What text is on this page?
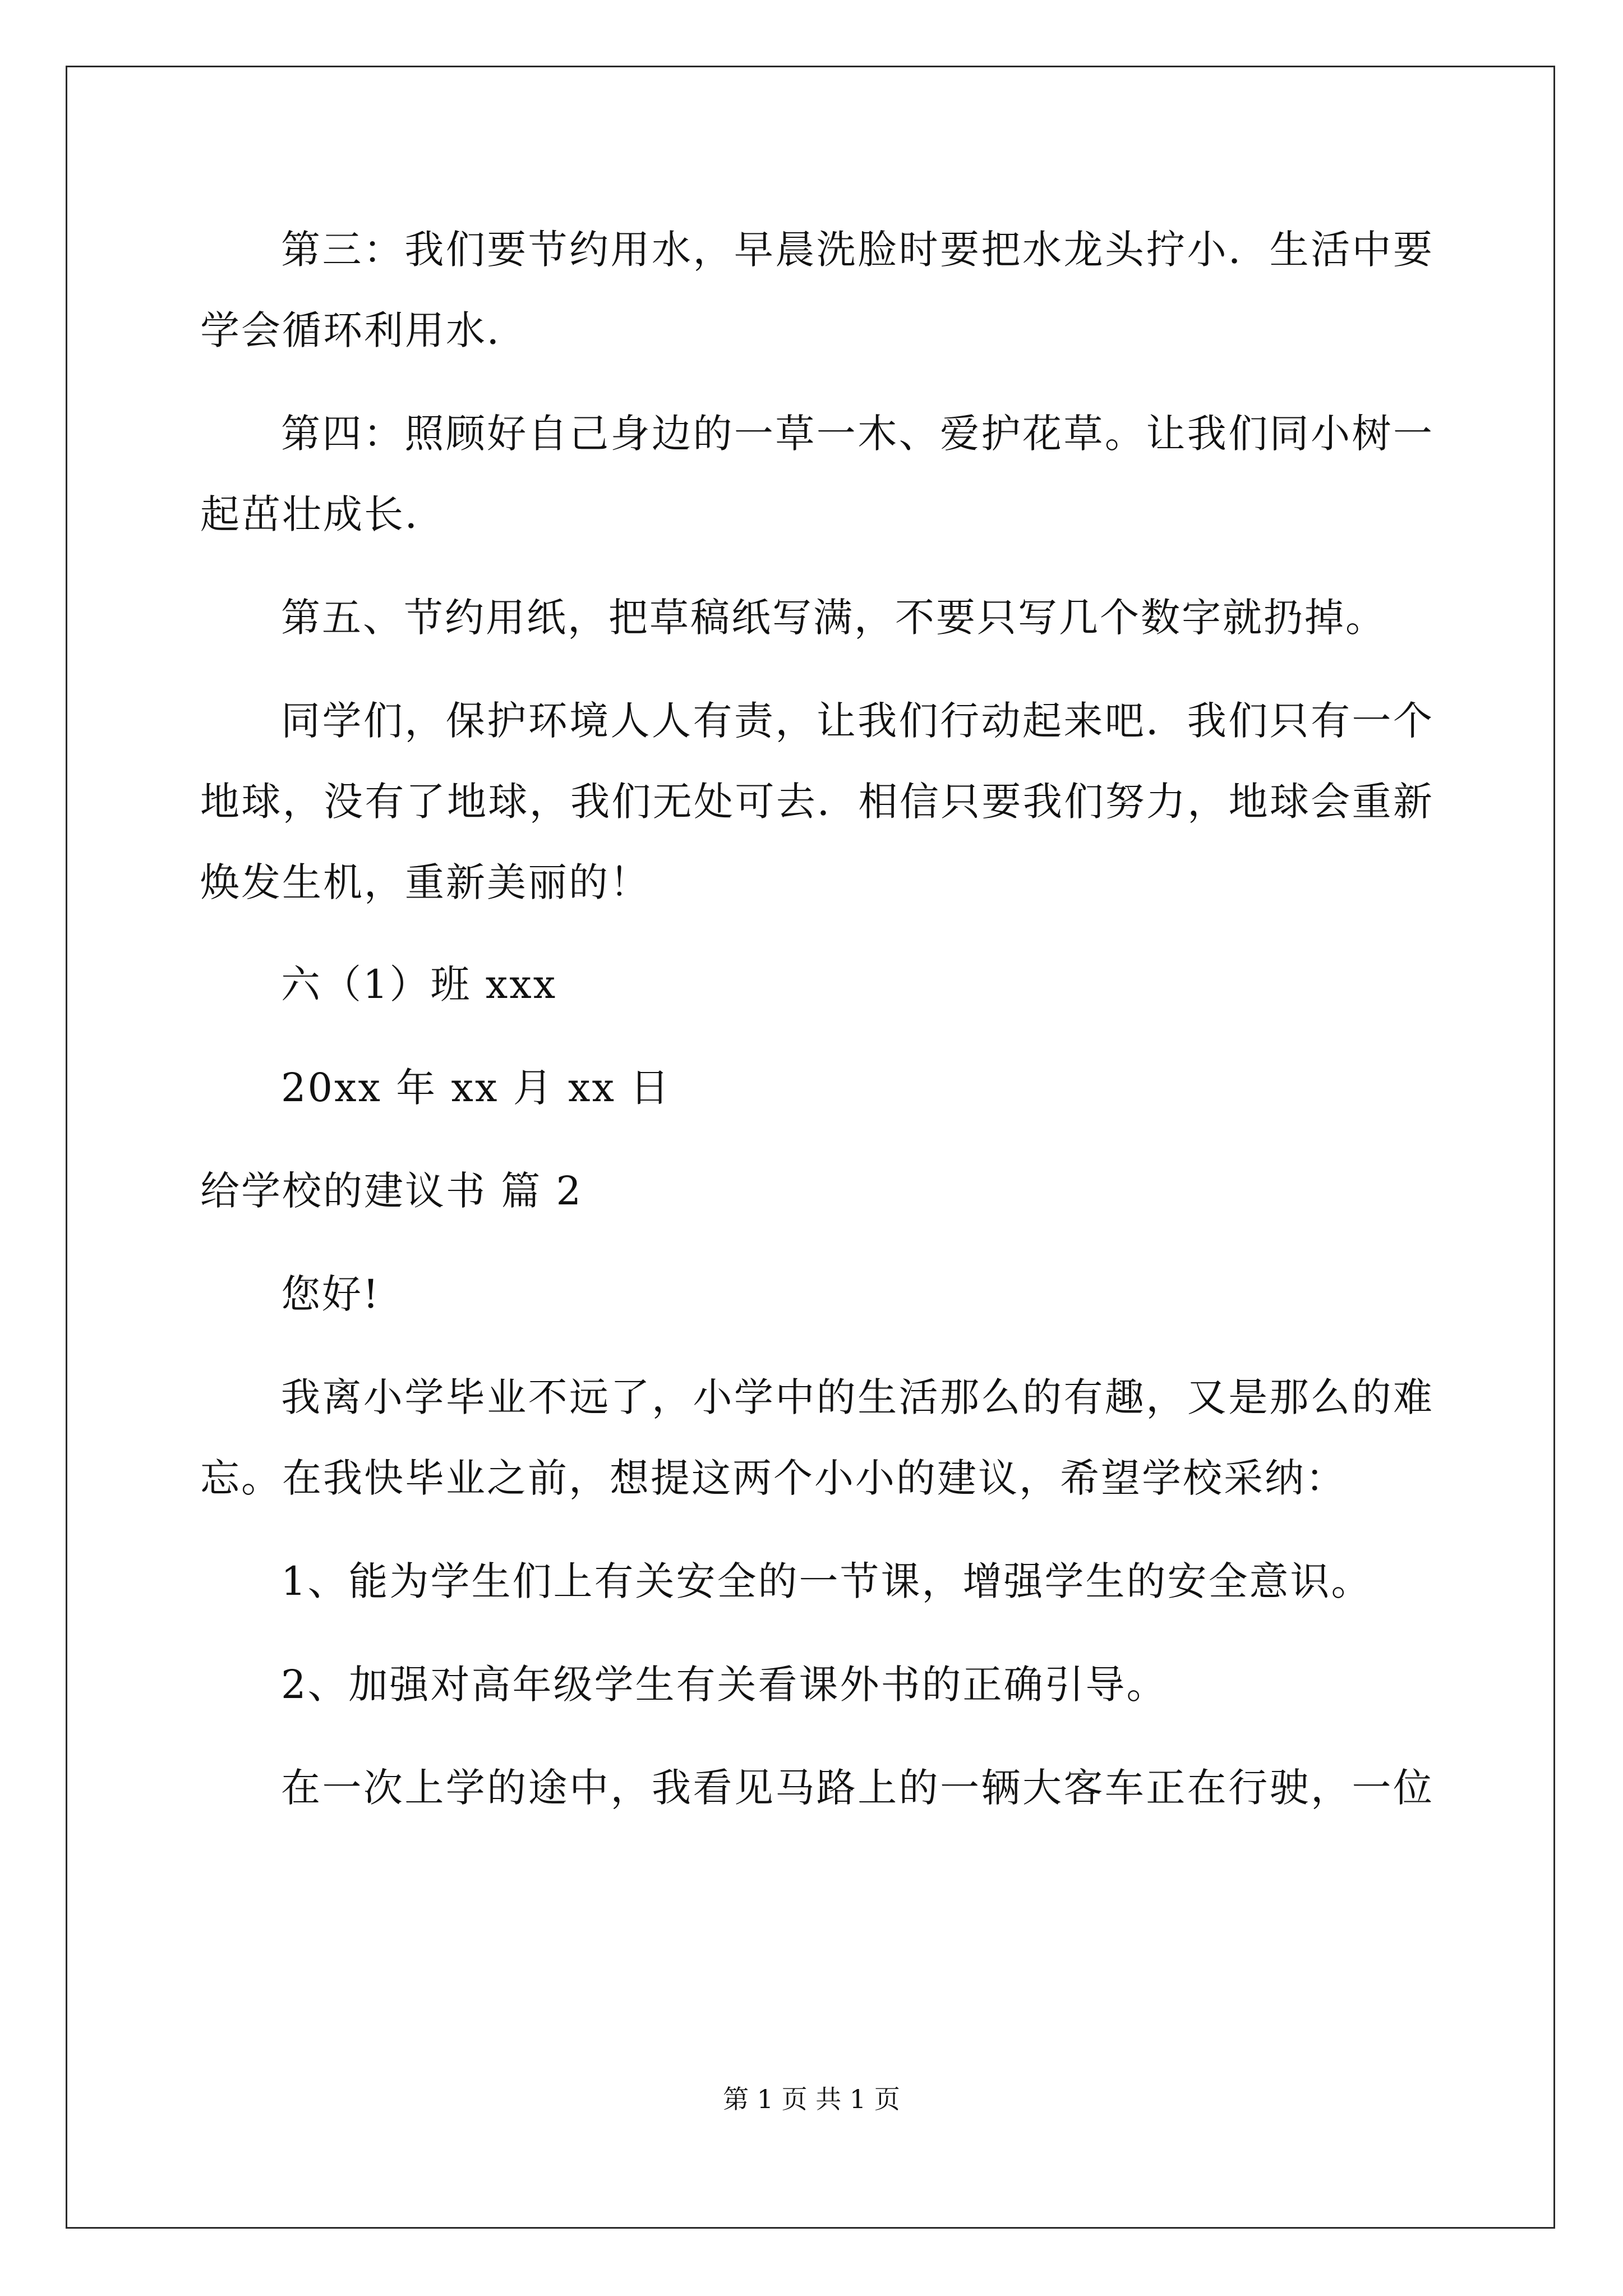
第三：我们要节约用水，早晨洗脸时要把水龙头拧小．生活中要
学会循环利用水．
第四：照顾好自己身边的一草一木、爱护花草。让我们同小树一
起茁壮成长．
第五、节约用纸，把草稿纸写满，不要只写几个数字就扔掉。
同学们，保护环境人人有责，让我们行动起来吧．我们只有一个
地球，没有了地球，我们无处可去．相信只要我们努力，地球会重新
焕发生机，重新美丽的！
六（1）班 xxx
20xx 年 xx 月 xx 日
给学校的建议书 篇 2
您好!
我离小学毕业不远了，小学中的生活那么的有趣，又是那么的难
忘。在我快毕业之前，想提这两个小小的建议，希望学校采纳：
1、能为学生们上有关安全的一节课，增强学生的安全意识。
2、加强对高年级学生有关看课外书的正确引导。
在一次上学的途中，我看见马路上的一辆大客车正在行驶，一位
第 1 页 共 1 页
